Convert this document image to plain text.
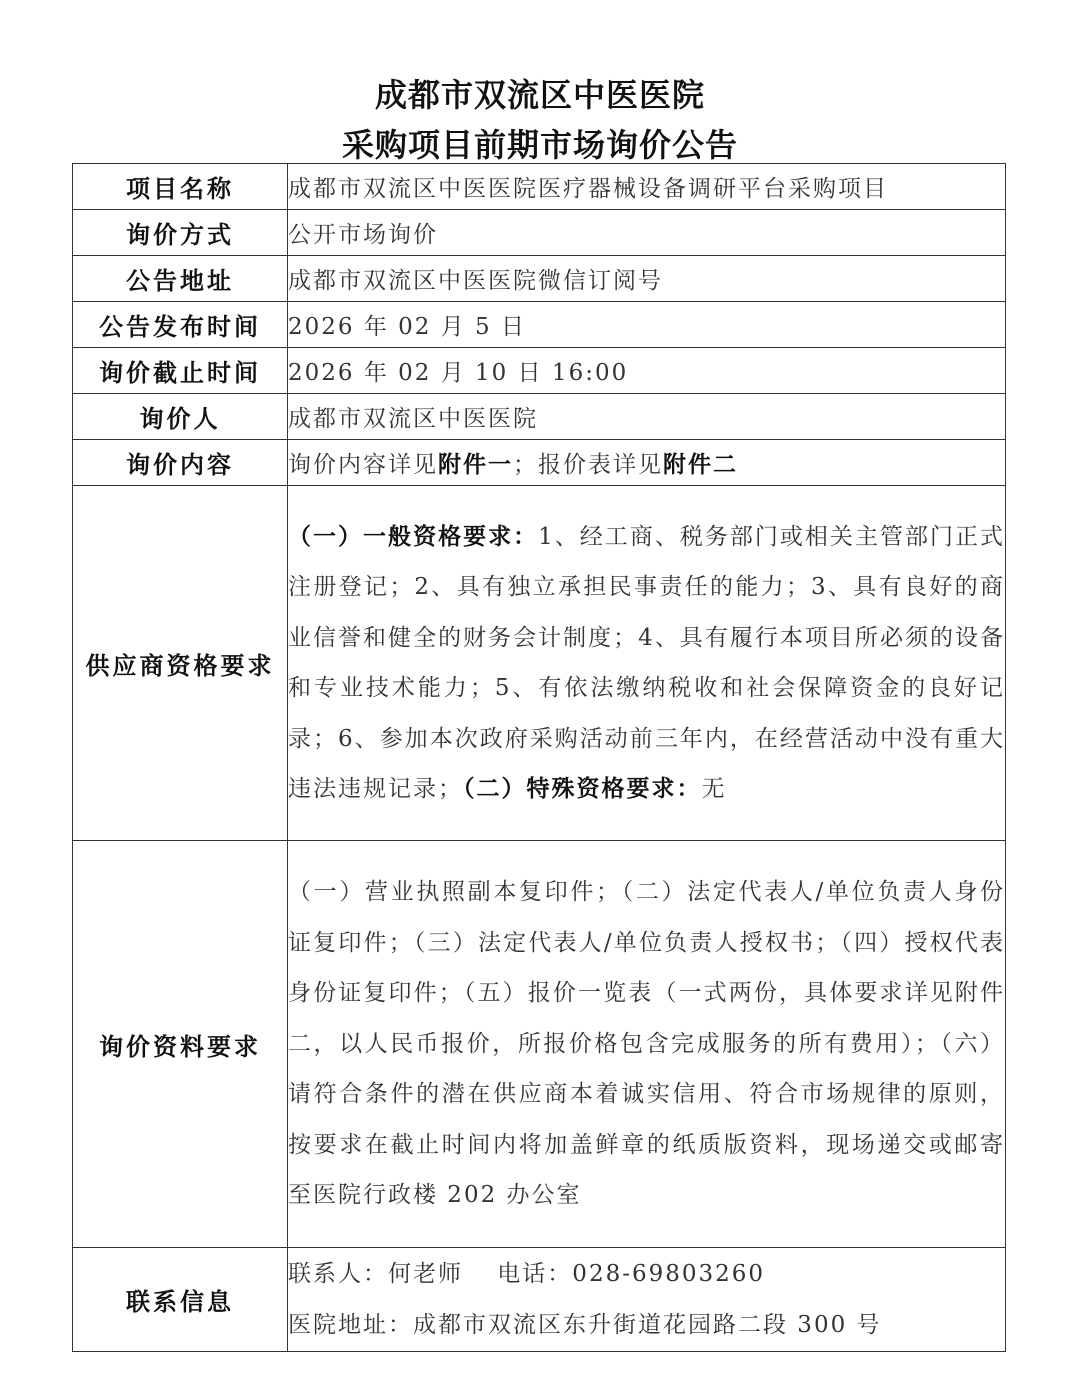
成都市双流区中医医院
采购项目前期市场询价公告
项目名称	成都市双流区中医医院医疗器械设备调研平台采购项目
询价方式	公开市场询价
公告地址	成都市双流区中医医院微信订阅号
公告发布时间	2026 年 02 月 5 日
询价截止时间	2026 年 02 月 10 日 16:00
询价人	成都市双流区中医医院
询价内容	询价内容详见附件一；报价表详见附件二
供应商资格要求	（一）一般资格要求：1、经工商、税务部门或相关主管部门正式注册登记；2、具有独立承担民事责任的能力；3、具有良好的商业信誉和健全的财务会计制度；4、具有履行本项目所必须的设备和专业技术能力；5、有依法缴纳税收和社会保障资金的良好记录；6、参加本次政府采购活动前三年内，在经营活动中没有重大违法违规记录；（二）特殊资格要求：无
询价资料要求	（一）营业执照副本复印件；（二）法定代表人/单位负责人身份证复印件；（三）法定代表人/单位负责人授权书；（四）授权代表身份证复印件；（五）报价一览表（一式两份，具体要求详见附件二，以人民币报价，所报价格包含完成服务的所有费用）；（六）请符合条件的潜在供应商本着诚实信用、符合市场规律的原则，按要求在截止时间内将加盖鲜章的纸质版资料，现场递交或邮寄至医院行政楼 202 办公室
联系信息	联系人：何老师　 电话：028-69803260
医院地址：成都市双流区东升街道花园路二段 300 号
